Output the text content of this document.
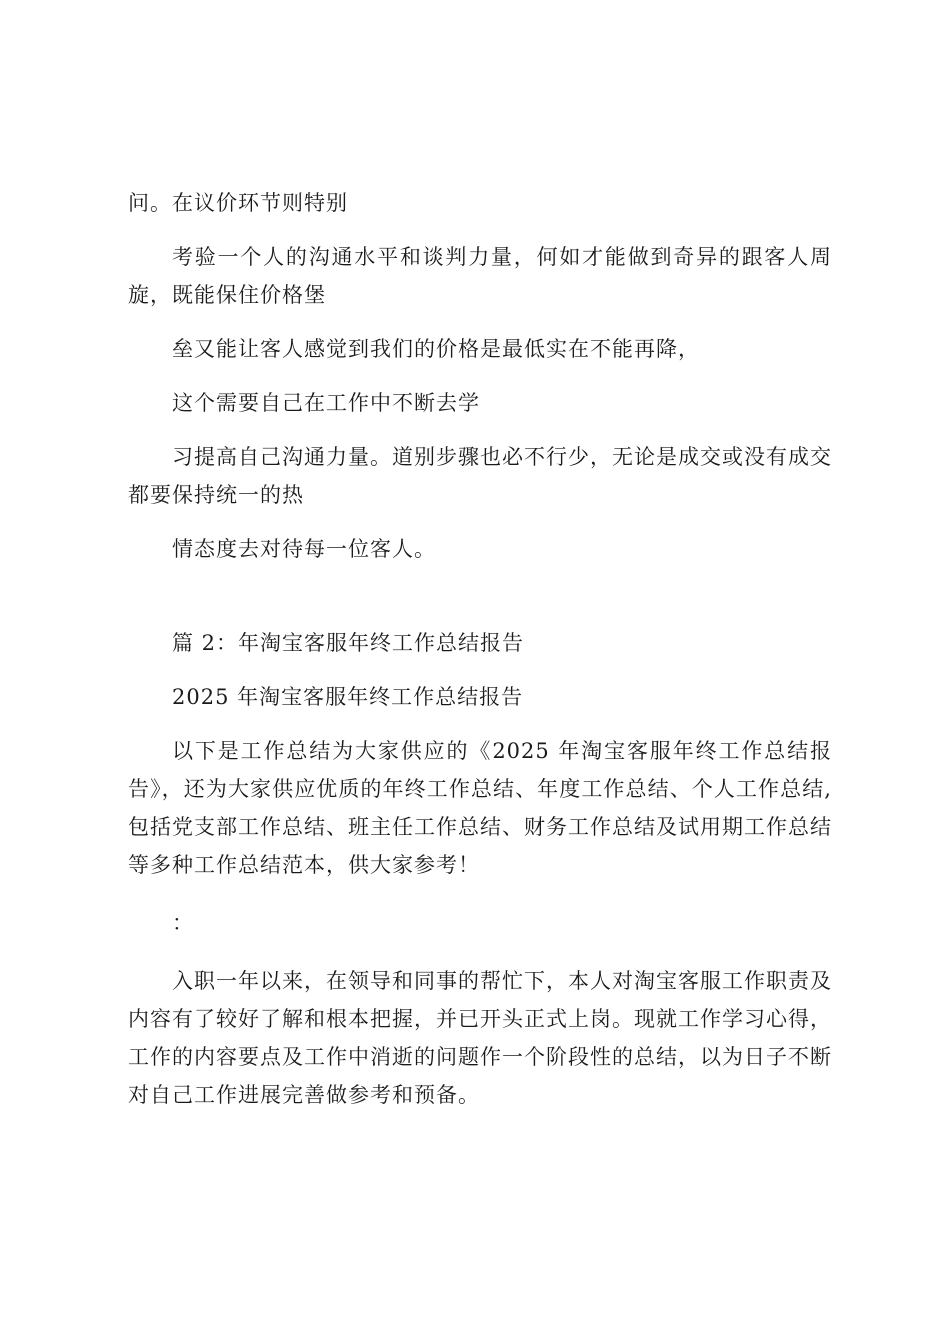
问。在议价环节则特别

考验一个人的沟通水平和谈判力量，何如才能做到奇异的跟客人周旋，既能保住价格堡

垒又能让客人感觉到我们的价格是最低实在不能再降，

这个需要自己在工作中不断去学

习提高自己沟通力量。道别步骤也必不行少，无论是成交或没有成交都要保持统一的热

情态度去对待每一位客人。

篇 2：年淘宝客服年终工作总结报告

2025 年淘宝客服年终工作总结报告

以下是工作总结为大家供应的《2025 年淘宝客服年终工作总结报告》，还为大家供应优质的年终工作总结、年度工作总结、个人工作总结,包括党支部工作总结、班主任工作总结、财务工作总结及试用期工作总结等多种工作总结范本，供大家参考！

：

入职一年以来，在领导和同事的帮忙下，本人对淘宝客服工作职责及内容有了较好了解和根本把握，并已开头正式上岗。现就工作学习心得，工作的内容要点及工作中消逝的问题作一个阶段性的总结，以为日子不断对自己工作进展完善做参考和预备。
